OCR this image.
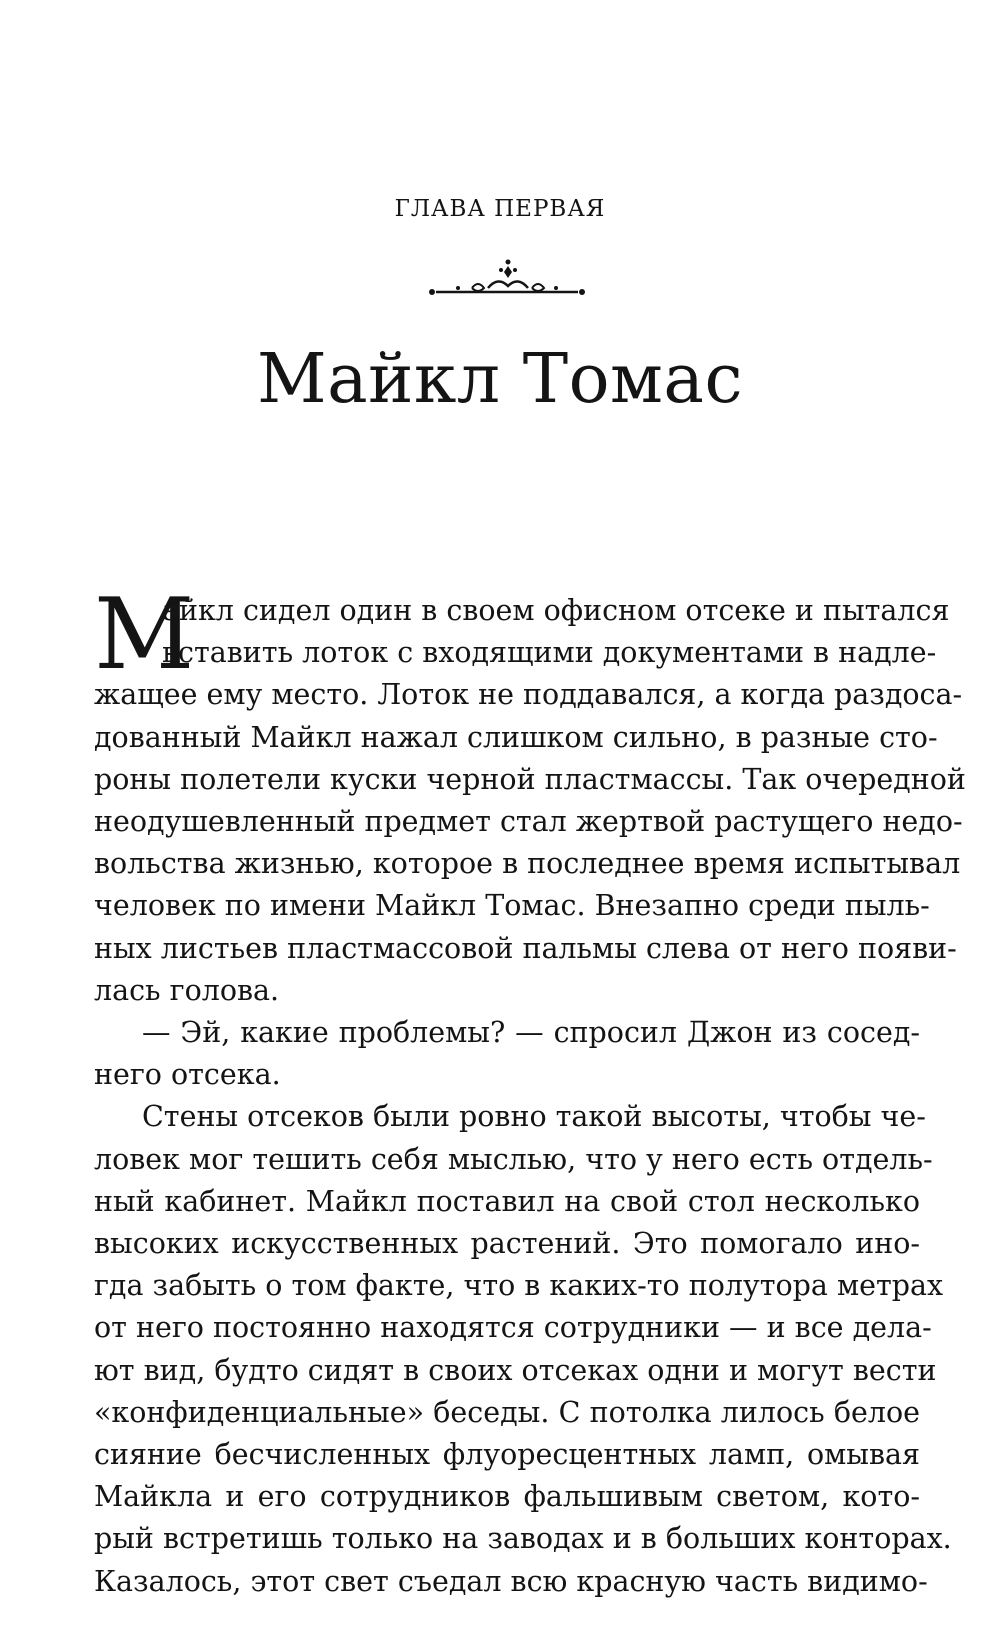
ГЛАВА ПЕРВАЯ
Майкл Томас
М
айкл сидел один в своем офисном отсеке и пытался
вставить лоток с входящими документами в надле-
жащее ему место. Лоток не поддавался, а когда раздоса-
дованный Майкл нажал слишком сильно, в разные сто-
роны полетели куски черной пластмассы. Так очередной
неодушевленный предмет стал жертвой растущего недо-
вольства жизнью, которое в последнее время испытывал
человек по имени Майкл Томас. Внезапно среди пыль-
ных листьев пластмассовой пальмы слева от него появи-
лась голова.
— Эй, какие проблемы? — спросил Джон из сосед-
него отсека.
Стены отсеков были ровно такой высоты, чтобы че-
ловек мог тешить себя мыслью, что у него есть отдель-
ный кабинет. Майкл поставил на свой стол несколько
высоких искусственных растений. Это помогало ино-
гда забыть о том факте, что в каких-то полутора метрах
от него постоянно находятся сотрудники — и все дела-
ют вид, будто сидят в своих отсеках одни и могут вести
«конфиденциальные» беседы. С потолка лилось белое
сияние бесчисленных флуоресцентных ламп, омывая
Майкла и его сотрудников фальшивым светом, кото-
рый встретишь только на заводах и в больших конторах.
Казалось, этот свет съедал всю красную часть видимо-
